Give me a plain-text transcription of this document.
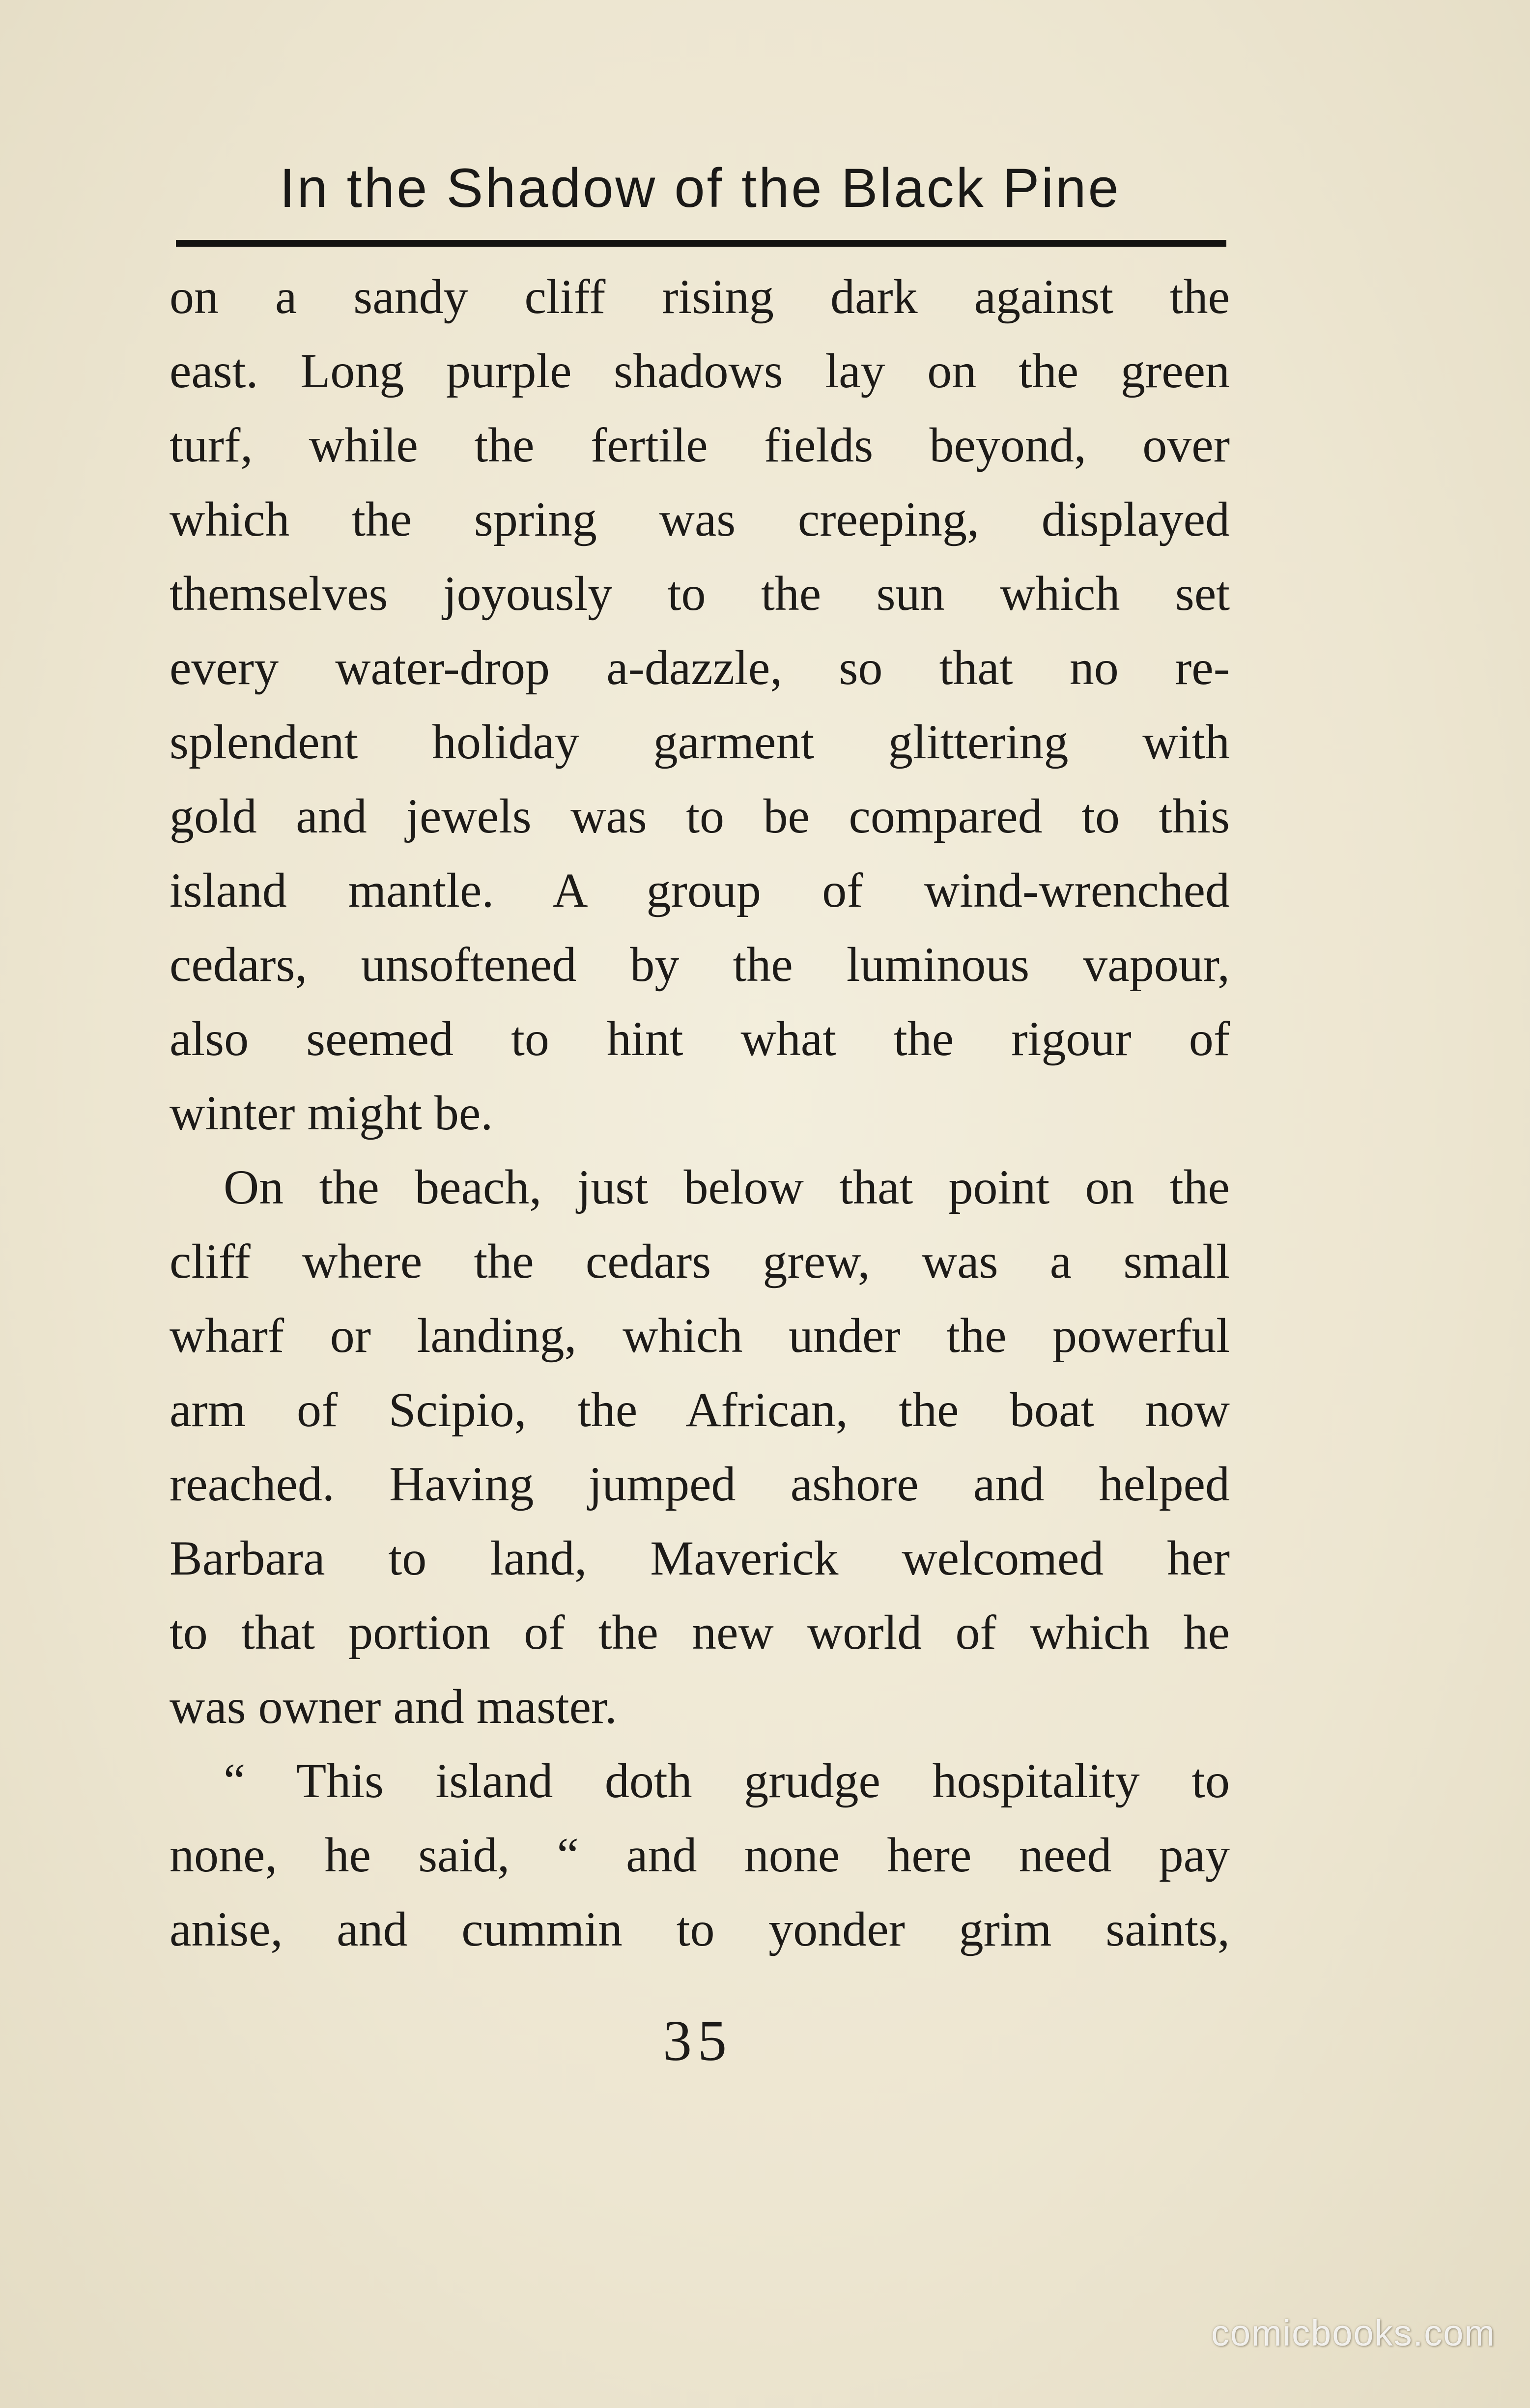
In the Shadow of the Black Pine
on a sandy cliff rising dark against the
east. Long purple shadows lay on the green
turf, while the fertile fields beyond, over
which the spring was creeping, displayed
themselves joyously to the sun which set
every water-drop a-dazzle, so that no re-
splendent holiday garment glittering with
gold and jewels was to be compared to this
island mantle. A group of wind-wrenched
cedars, unsoftened by the luminous vapour,
also seemed to hint what the rigour of
winter might be.
On the beach, just below that point on the
cliff where the cedars grew, was a small
wharf or landing, which under the powerful
arm of Scipio, the African, the boat now
reached. Having jumped ashore and helped
Barbara to land, Maverick welcomed her
to that portion of the new world of which he
was owner and master.
“ This island doth grudge hospitality to
none, he said, “ and none here need pay
anise, and cummin to yonder grim saints,
35
comicbooks.com
